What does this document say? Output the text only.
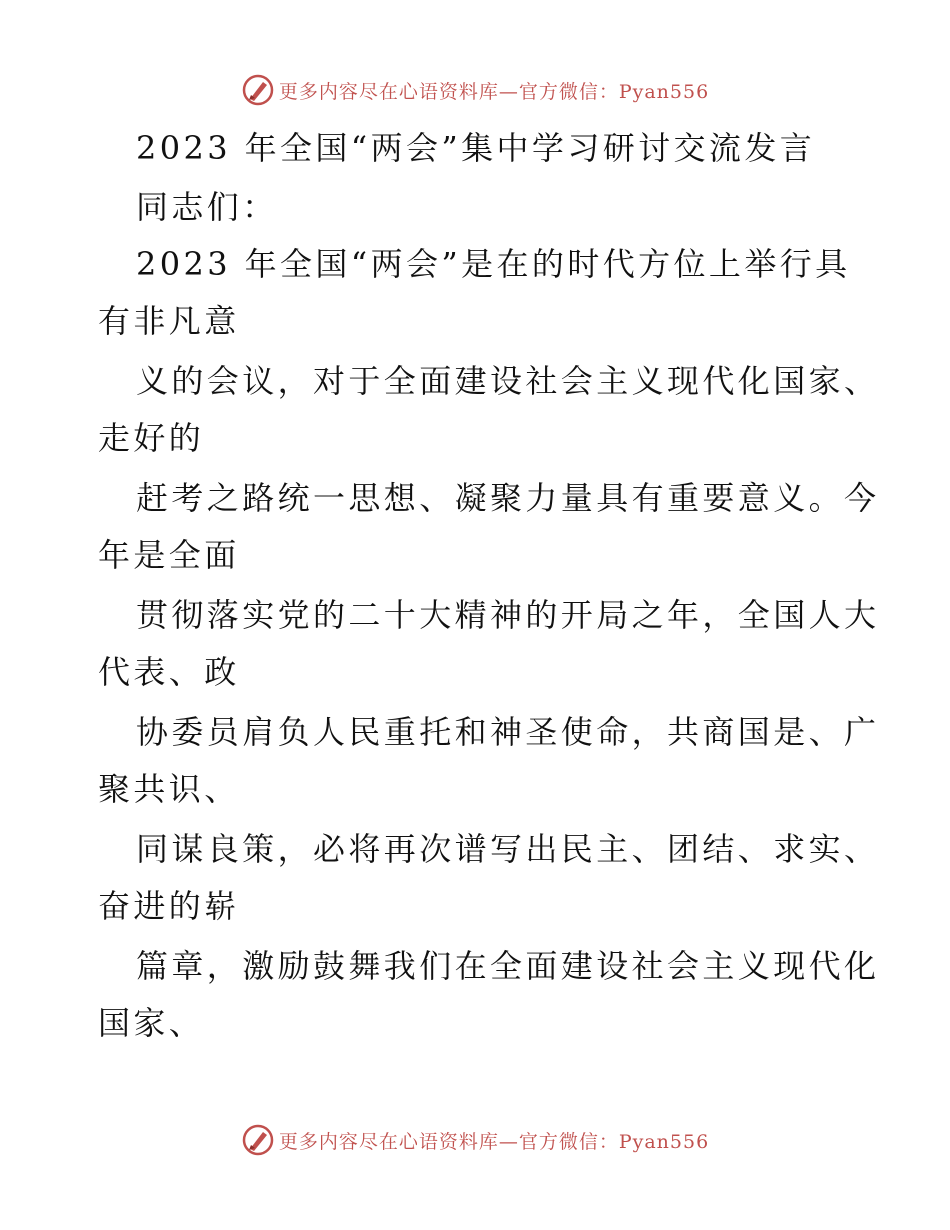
更多内容尽在心语资料库—官方微信：Pyan556
2023 年全国“两会”集中学习研讨交流发言
同志们：
2023 年全国“两会”是在的时代方位上举行具
有非凡意
义的会议，对于全面建设社会主义现代化国家、
走好的
赶考之路统一思想、凝聚力量具有重要意义。今
年是全面
贯彻落实党的二十大精神的开局之年，全国人大
代表、政
协委员肩负人民重托和神圣使命，共商国是、广
聚共识、
同谋良策，必将再次谱写出民主、团结、求实、
奋进的崭
篇章，激励鼓舞我们在全面建设社会主义现代化
国家、
更多内容尽在心语资料库—官方微信：Pyan556
